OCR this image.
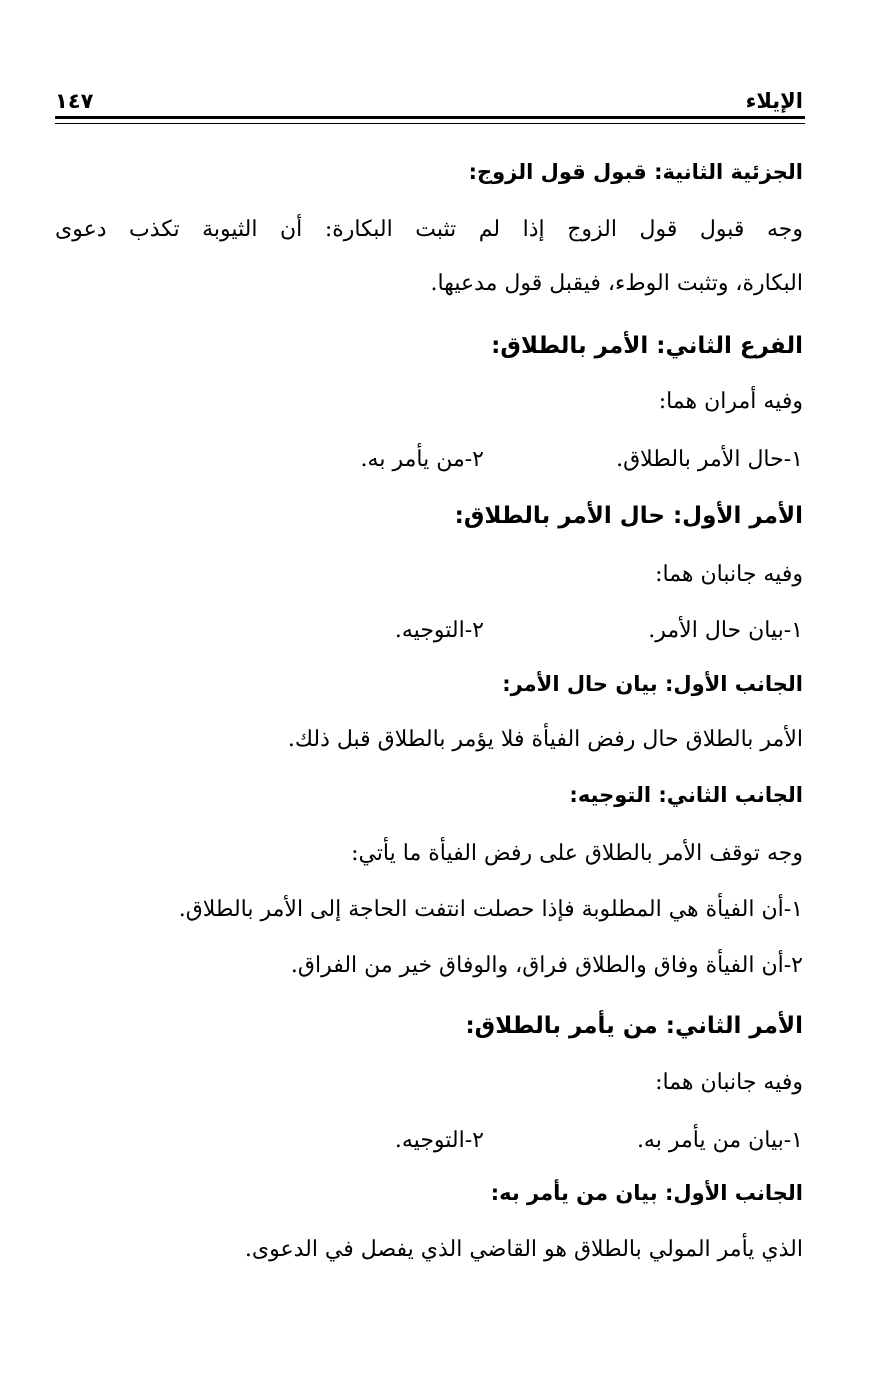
الإيلاء
١٤٧
الجزئية الثانية: قبول قول الزوج:
وجه قبول قول الزوج إذا لم تثبت البكارة: أن الثيوبة تكذب دعوى
البكارة، وتثبت الوطء، فيقبل قول مدعيها.
الفرع الثاني: الأمر بالطلاق:
وفيه أمران هما:
١-حال الأمر بالطلاق.
٢-من يأمر به.
الأمر الأول: حال الأمر بالطلاق:
وفيه جانبان هما:
١-بيان حال الأمر.
٢-التوجيه.
الجانب الأول: بيان حال الأمر:
الأمر بالطلاق حال رفض الفيأة فلا يؤمر بالطلاق قبل ذلك.
الجانب الثاني: التوجيه:
وجه توقف الأمر بالطلاق على رفض الفيأة ما يأتي:
١-أن الفيأة هي المطلوبة فإذا حصلت انتفت الحاجة إلى الأمر بالطلاق.
٢-أن الفيأة وفاق والطلاق فراق، والوفاق خير من الفراق.
الأمر الثاني: من يأمر بالطلاق:
وفيه جانبان هما:
١-بيان من يأمر به.
٢-التوجيه.
الجانب الأول: بيان من يأمر به:
الذي يأمر المولي بالطلاق هو القاضي الذي يفصل في الدعوى.
